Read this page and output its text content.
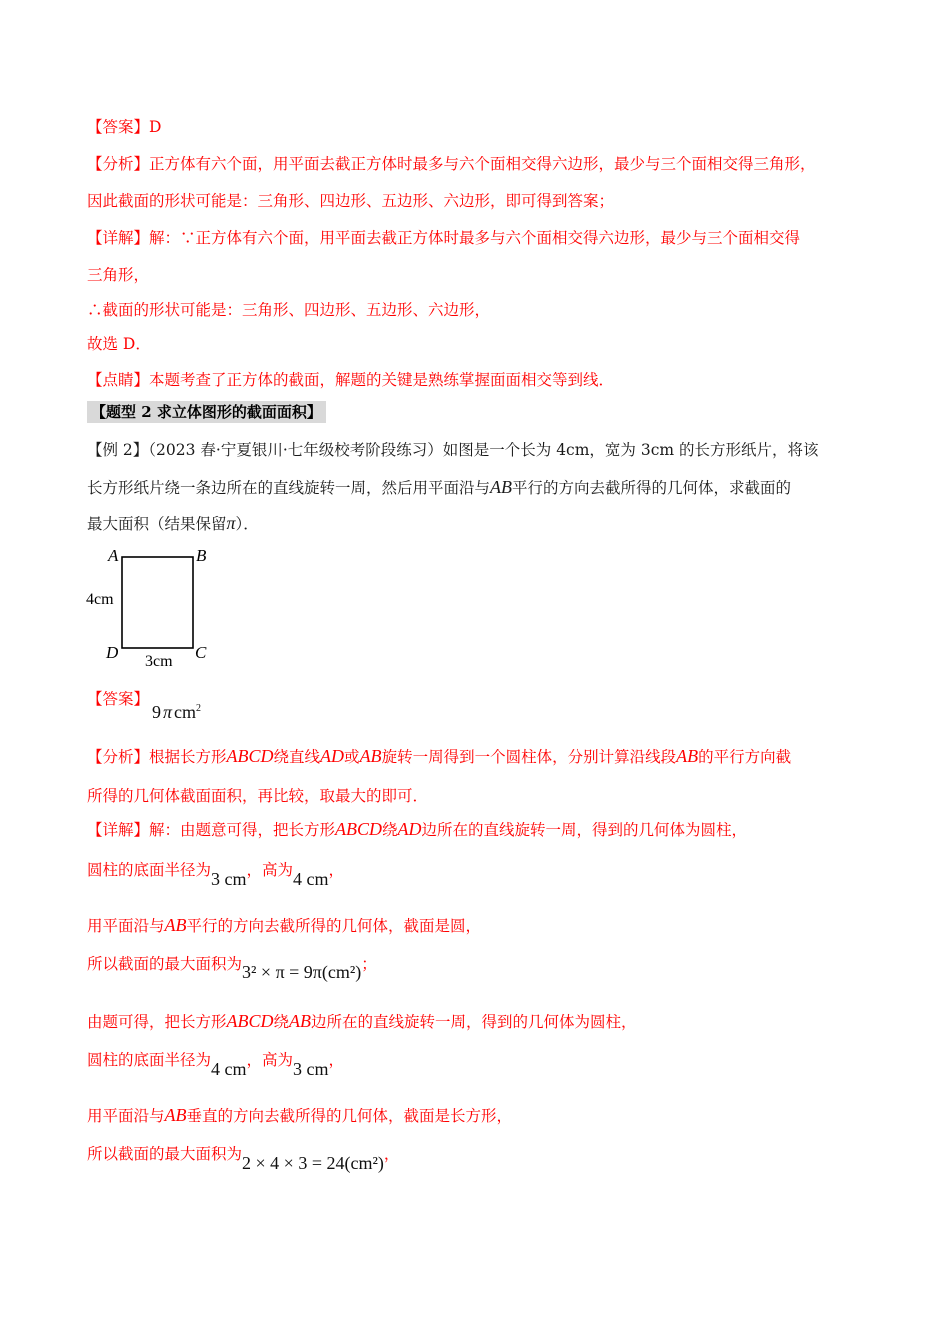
【答案】D
【分析】正方体有六个面，用平面去截正方体时最多与六个面相交得六边形，最少与三个面相交得三角形，
因此截面的形状可能是：三角形、四边形、五边形、六边形，即可得到答案；
【详解】解：∵正方体有六个面，用平面去截正方体时最多与六个面相交得六边形，最少与三个面相交得
三角形，
∴截面的形状可能是：三角形、四边形、五边形、六边形，
故选 D．
【点睛】本题考查了正方体的截面，解题的关键是熟练掌握面面相交等到线．
【题型 2 求立体图形的截面面积】
【例 2】（2023 春·宁夏银川·七年级校考阶段练习）如图是一个长为 4cm，宽为 3cm 的长方形纸片，将该
长方形纸片绕一条边所在的直线旋转一周，然后用平面沿与AB平行的方向去截所得的几何体，求截面的
最大面积（结果保留π）．
A	B
C
D
4cm
3cm
【答案】
9 π $cm^2$
【分析】根据长方形ABCD绕直线AD或AB旋转一周得到一个圆柱体，分别计算沿线段AB的平行方向截
所得的几何体截面面积，再比较，取最大的即可．
【详解】解：由题意可得，把长方形ABCD绕AD边所在的直线旋转一周，得到的几何体为圆柱，
圆柱的底面半径为3 cm，高为4 cm，
用平面沿与AB平行的方向去截所得的几何体，截面是圆，
所以截面的最大面积为3² × π = 9π(cm²)；
由题可得，把长方形ABCD绕AB边所在的直线旋转一周，得到的几何体为圆柱，
圆柱的底面半径为4 cm，高为3 cm，
用平面沿与AB垂直的方向去截所得的几何体，截面是长方形，
所以截面的最大面积为2 × 4 × 3 = 24(cm²)，
